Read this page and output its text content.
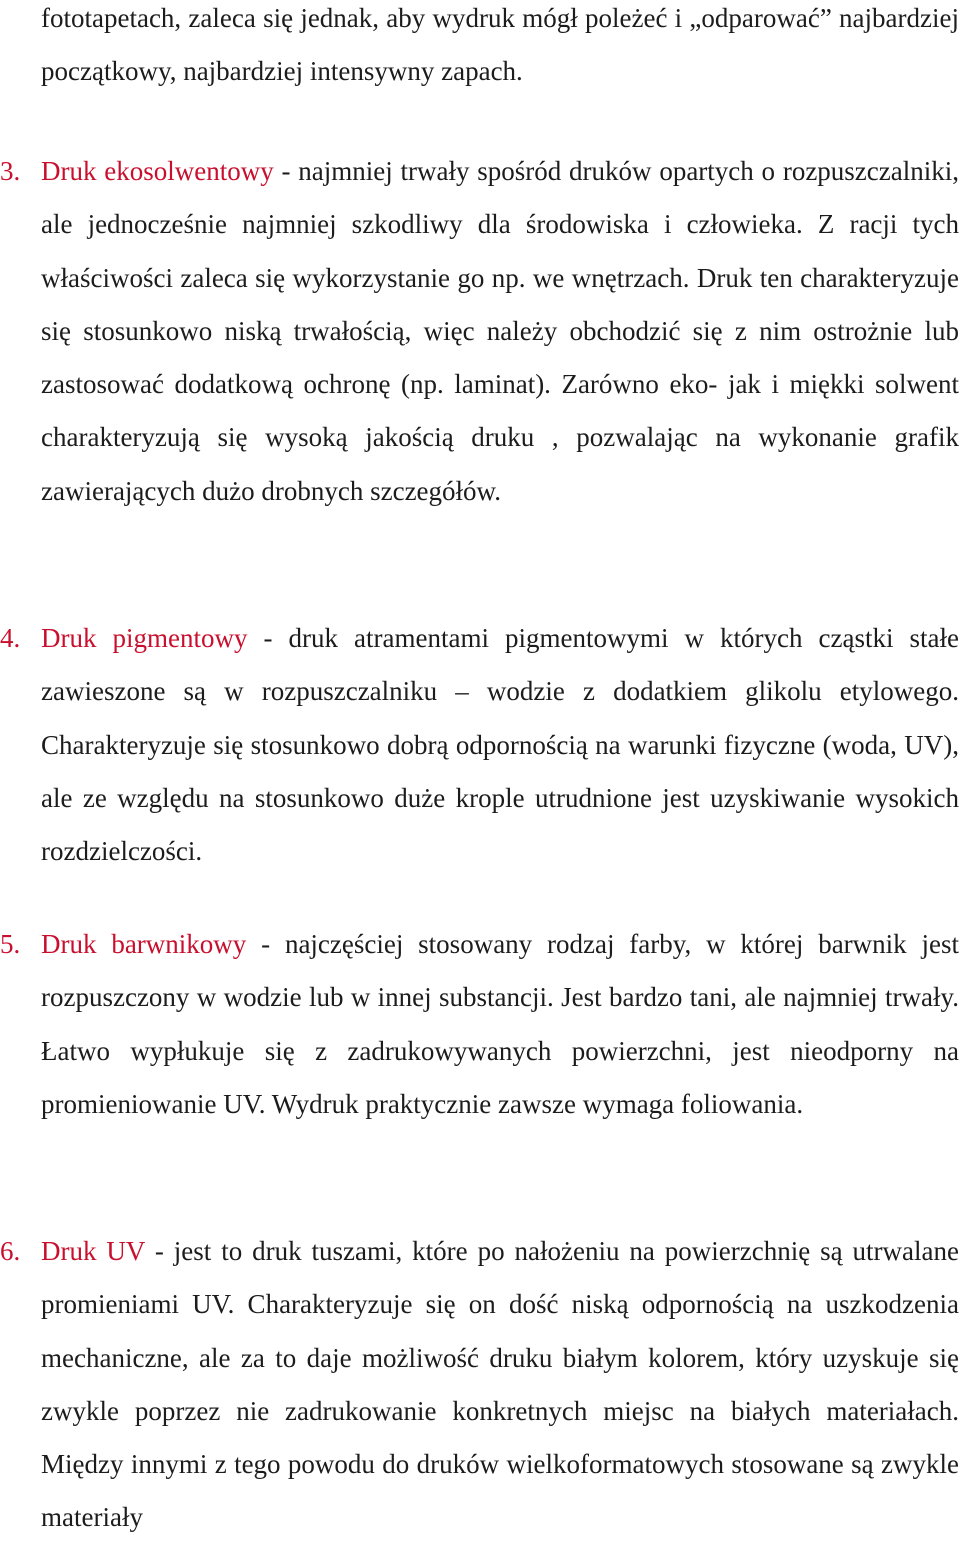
fototapetach, zaleca się jednak, aby wydruk mógł poleżeć i „odparować” najbardziej początkowy, najbardziej intensywny zapach.

3. Druk ekosolwentowy - najmniej trwały spośród druków opartych o rozpuszczalniki, ale jednocześnie najmniej szkodliwy dla środowiska i człowieka. Z racji tych właściwości zaleca się wykorzystanie go np. we wnętrzach. Druk ten charakteryzuje się stosunkowo niską trwałością, więc należy obchodzić się z nim ostrożnie lub zastosować dodatkową ochronę (np. laminat). Zarówno eko- jak i miękki solwent charakteryzują się wysoką jakością druku , pozwalając na wykonanie grafik zawierających dużo drobnych szczegółów.

4. Druk pigmentowy - druk atramentami pigmentowymi w których cząstki stałe zawieszone są w rozpuszczalniku – wodzie z dodatkiem glikolu etylowego. Charakteryzuje się stosunkowo dobrą odpornością na warunki fizyczne (woda, UV), ale ze względu na stosunkowo duże krople utrudnione jest uzyskiwanie wysokich rozdzielczości.

5. Druk barwnikowy - najczęściej stosowany rodzaj farby, w której barwnik jest rozpuszczony w wodzie lub w innej substancji. Jest bardzo tani, ale najmniej trwały. Łatwo wypłukuje się z zadrukowywanych powierzchni, jest nieodporny na promieniowanie UV. Wydruk praktycznie zawsze wymaga foliowania.

6. Druk UV - jest to druk tuszami, które po nałożeniu na powierzchnię są utrwalane promieniami UV. Charakteryzuje się on dość niską odpornością na uszkodzenia mechaniczne, ale za to daje możliwość druku białym kolorem, który uzyskuje się zwykle poprzez nie zadrukowanie konkretnych miejsc na białych materiałach. Między innymi z tego powodu do druków wielkoformatowych stosowane są zwykle materiały
